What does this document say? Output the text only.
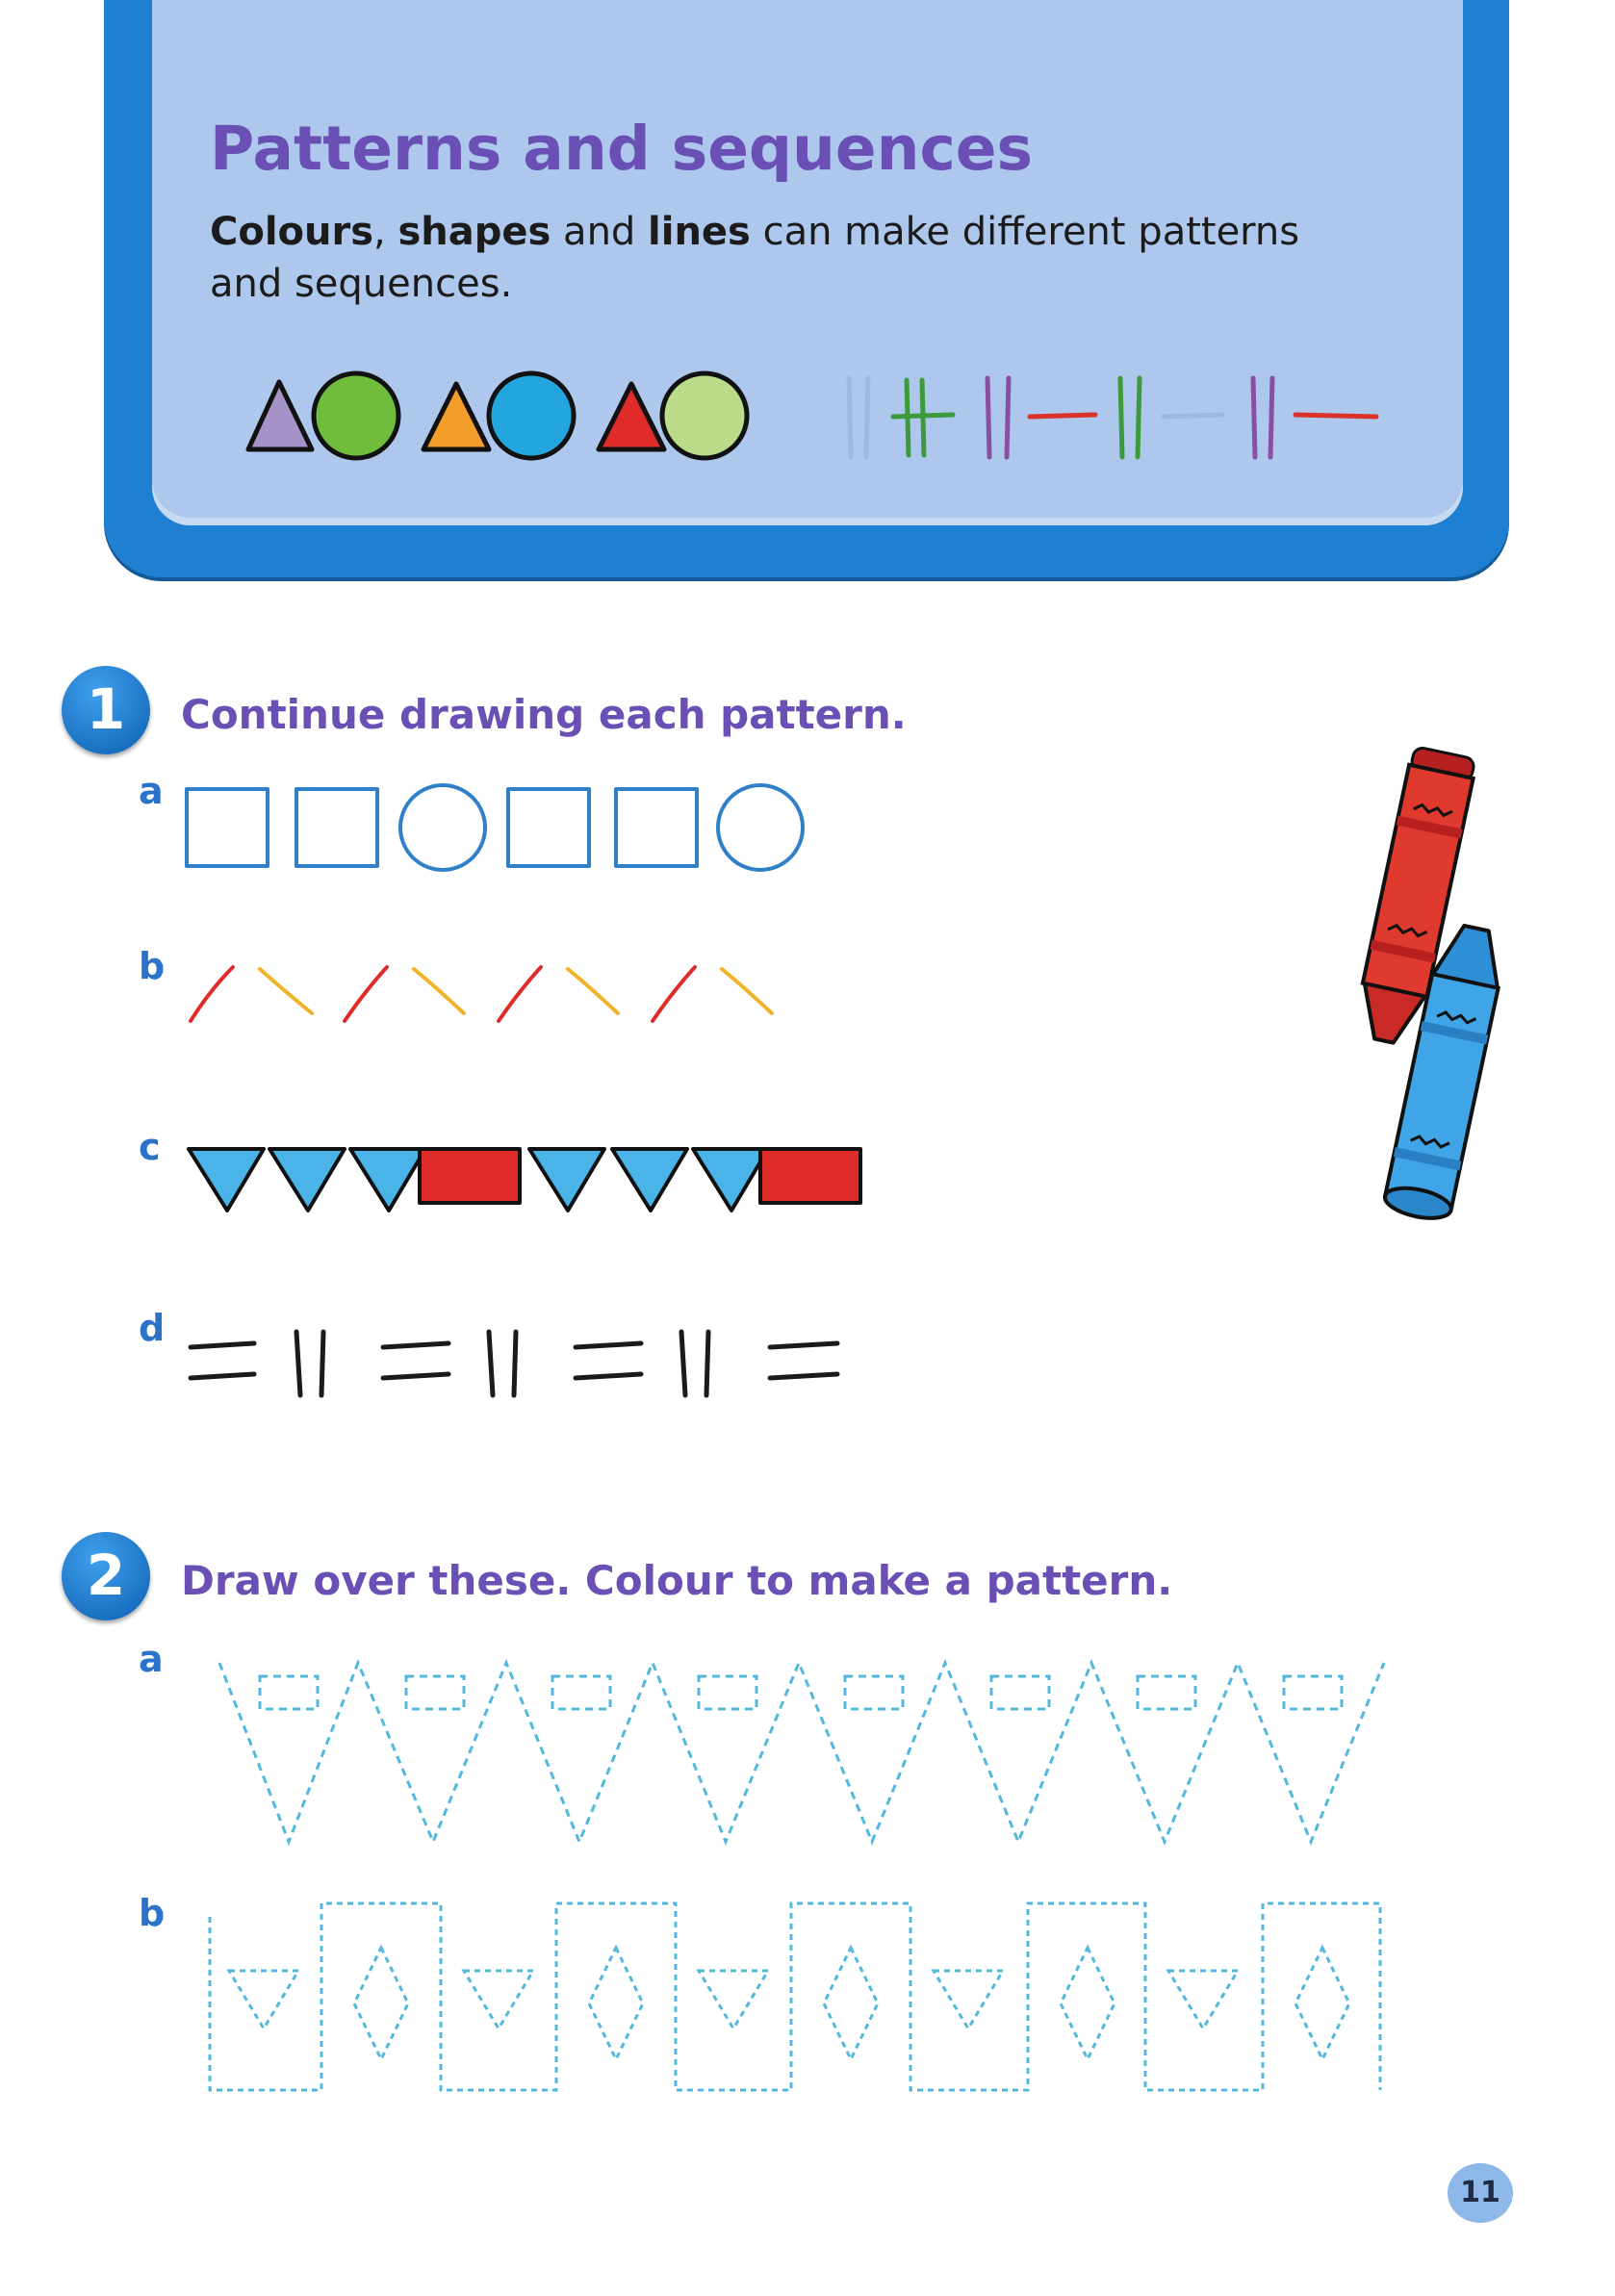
Patterns and sequences
Colours, shapes and lines can make different patterns and sequences.
1	Continue drawing each pattern.
a
b
c
d
2	Draw over these. Colour to make a pattern.
a
b
11
